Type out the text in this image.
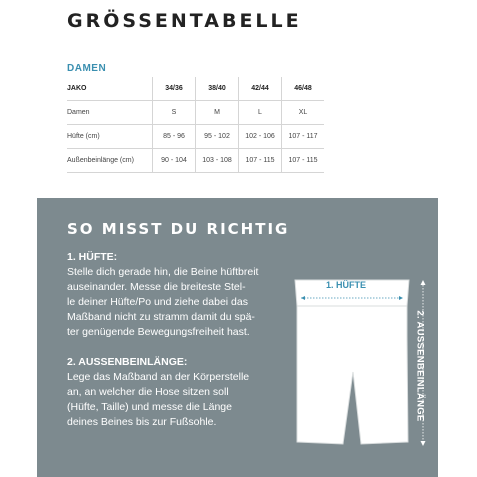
GRÖSSENTABELLE
DAMEN
JAKO	34/36	38/40	42/44	46/48
Damen	S	M	L	XL
Hüfte (cm)	85 - 96	95 - 102	102 - 106	107 - 117
Außenbeinlänge (cm)	90 - 104	103 - 108	107 - 115	107 - 115
SO MISST DU RICHTIG
1. HÜFTE:
Stelle dich gerade hin, die Beine hüftbreit
auseinander. Messe die breiteste Stel-
le deiner Hüfte/Po und ziehe dabei das
Maßband nicht zu stramm damit du spä-
ter genügende Bewegungsfreiheit hast.
2. AUSSENBEINLÄNGE:
Lege das Maßband an der Körperstelle
an, an welcher die Hose sitzen soll
(Hüfte, Taille) und messe die Länge
deines Beines bis zur Fußsohle.
1. HÜFTE
2. AUSSENBEINLÄNGE
